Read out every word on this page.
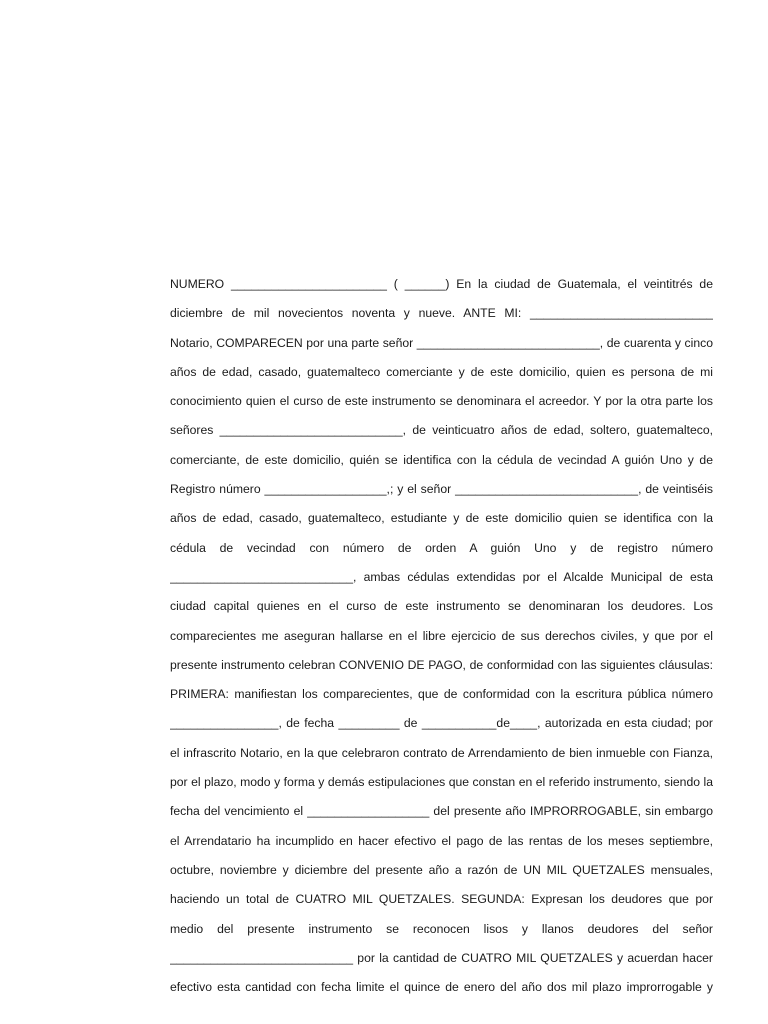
NUMERO _______________________ ( ______) En la ciudad de Guatemala, el veintitrés de
diciembre de mil novecientos noventa y nueve. ANTE MI: ___________________________
Notario, COMPARECEN por una parte señor ___________________________, de cuarenta y cinco
años de edad, casado, guatemalteco comerciante y de este domicilio, quien es persona de mi
conocimiento quien el curso de este instrumento se denominara el acreedor. Y por la otra parte los
señores ___________________________, de veinticuatro años de edad, soltero, guatemalteco,
comerciante, de este domicilio, quién se identifica con la cédula de vecindad A guión Uno y de
Registro número __________________,; y el señor ___________________________, de veintiséis
años de edad, casado, guatemalteco, estudiante y de este domicilio quien se identifica con la
cédula de vecindad con número de orden A guión Uno y de registro número
___________________________, ambas cédulas extendidas por el Alcalde Municipal de esta
ciudad capital quienes en el curso de este instrumento se denominaran los deudores. Los
comparecientes me aseguran hallarse en el libre ejercicio de sus derechos civiles, y que por el
presente instrumento celebran CONVENIO DE PAGO, de conformidad con las siguientes cláusulas:
PRIMERA: manifiestan los comparecientes, que de conformidad con la escritura pública número
________________, de fecha _________ de ___________de____, autorizada en esta ciudad; por
el infrascrito Notario, en la que celebraron contrato de Arrendamiento de bien inmueble con Fianza,
por el plazo, modo y forma y demás estipulaciones que constan en el referido instrumento, siendo la
fecha del vencimiento el __________________ del presente año IMPRORROGABLE, sin embargo
el Arrendatario ha incumplido en hacer efectivo el pago de las rentas de los meses septiembre,
octubre, noviembre y diciembre del presente año a razón de UN MIL QUETZALES mensuales,
haciendo un total de CUATRO MIL QUETZALES. SEGUNDA: Expresan los deudores que por
medio del presente instrumento se reconocen lisos y llanos deudores del señor
___________________________ por la cantidad de CUATRO MIL QUETZALES y acuerdan hacer
efectivo esta cantidad con fecha limite el quince de enero del año dos mil plazo improrrogable y
